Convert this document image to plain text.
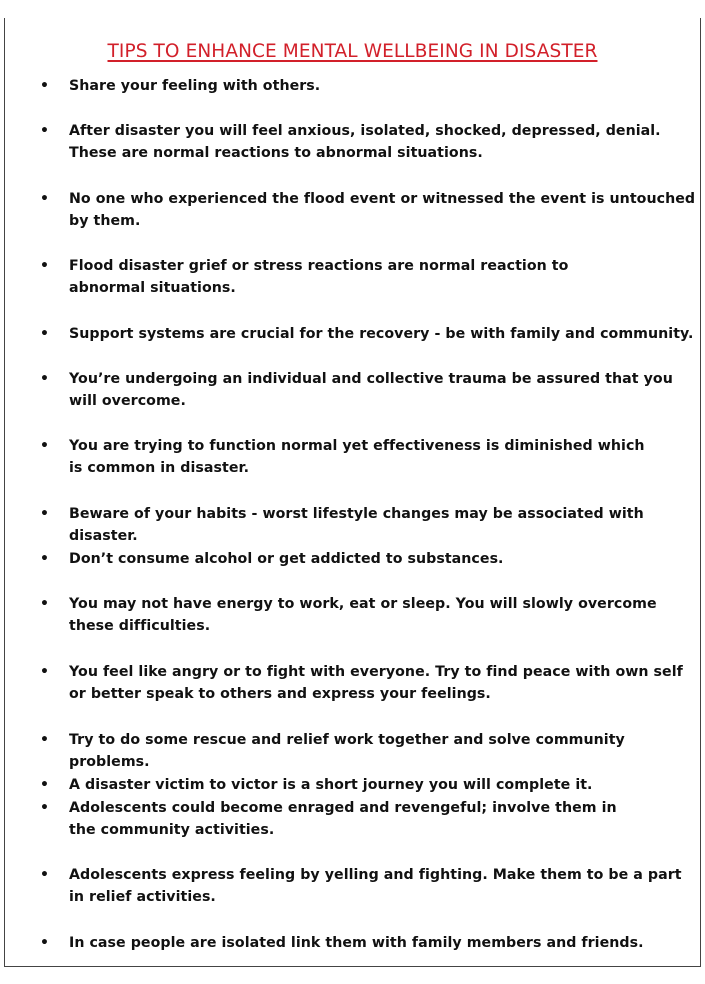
TIPS TO ENHANCE MENTAL WELLBEING IN DISASTER
•	Share your feeling with others.
•	After disaster you will feel anxious, isolated, shocked, depressed, denial. These are normal reactions to abnormal situations.
•	No one who experienced the flood event or witnessed the event is untouched by them.
•	Flood disaster grief or stress reactions are normal reaction to abnormal situations.
•	Support systems are crucial for the recovery - be with family and community.
•	You’re undergoing an individual and collective trauma be assured that you will overcome.
•	You are trying to function normal yet effectiveness is diminished which is common in disaster.
•	Beware of your habits - worst lifestyle changes may be associated with disaster.
•	Don’t consume alcohol or get addicted to substances.
•	You may not have energy to work, eat or sleep. You will slowly overcome these difficulties.
•	You feel like angry or to fight with everyone. Try to find peace with own self or better speak to others and express your feelings.
•	Try to do some rescue and relief work together and solve community problems.
•	A disaster victim to victor is a short journey you will complete it.
•	Adolescents could become enraged and revengeful; involve them in the community activities.
•	Adolescents express feeling by yelling and fighting. Make them to be a part in relief activities.
•	In case people are isolated link them with family members and friends.
